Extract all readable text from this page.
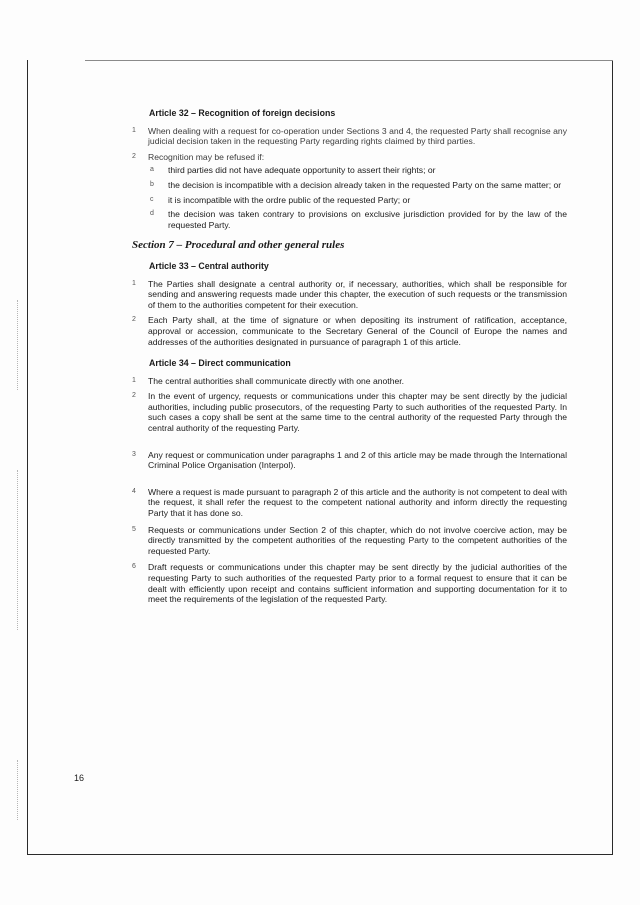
Article 32 – Recognition of foreign decisions
1 When dealing with a request for co-operation under Sections 3 and 4, the requested Party shall recognise any judicial decision taken in the requesting Party regarding rights claimed by third parties.
2 Recognition may be refused if:
a third parties did not have adequate opportunity to assert their rights; or
b the decision is incompatible with a decision already taken in the requested Party on the same matter; or
c it is incompatible with the ordre public of the requested Party; or
d the decision was taken contrary to provisions on exclusive jurisdiction provided for by the law of the requested Party.
Section 7 – Procedural and other general rules
Article 33 – Central authority
1 The Parties shall designate a central authority or, if necessary, authorities, which shall be responsible for sending and answering requests made under this chapter, the execution of such requests or the transmission of them to the authorities competent for their execution.
2 Each Party shall, at the time of signature or when depositing its instrument of ratification, acceptance, approval or accession, communicate to the Secretary General of the Council of Europe the names and addresses of the authorities designated in pursuance of paragraph 1 of this article.
Article 34 – Direct communication
1 The central authorities shall communicate directly with one another.
2 In the event of urgency, requests or communications under this chapter may be sent directly by the judicial authorities, including public prosecutors, of the requesting Party to such authorities of the requested Party. In such cases a copy shall be sent at the same time to the central authority of the requested Party through the central authority of the requesting Party.
3 Any request or communication under paragraphs 1 and 2 of this article may be made through the International Criminal Police Organisation (Interpol).
4 Where a request is made pursuant to paragraph 2 of this article and the authority is not competent to deal with the request, it shall refer the request to the competent national authority and inform directly the requesting Party that it has done so.
5 Requests or communications under Section 2 of this chapter, which do not involve coercive action, may be directly transmitted by the competent authorities of the requesting Party to the competent authorities of the requested Party.
6 Draft requests or communications under this chapter may be sent directly by the judicial authorities of the requesting Party to such authorities of the requested Party prior to a formal request to ensure that it can be dealt with efficiently upon receipt and contains sufficient information and supporting documentation for it to meet the requirements of the legislation of the requested Party.
16
